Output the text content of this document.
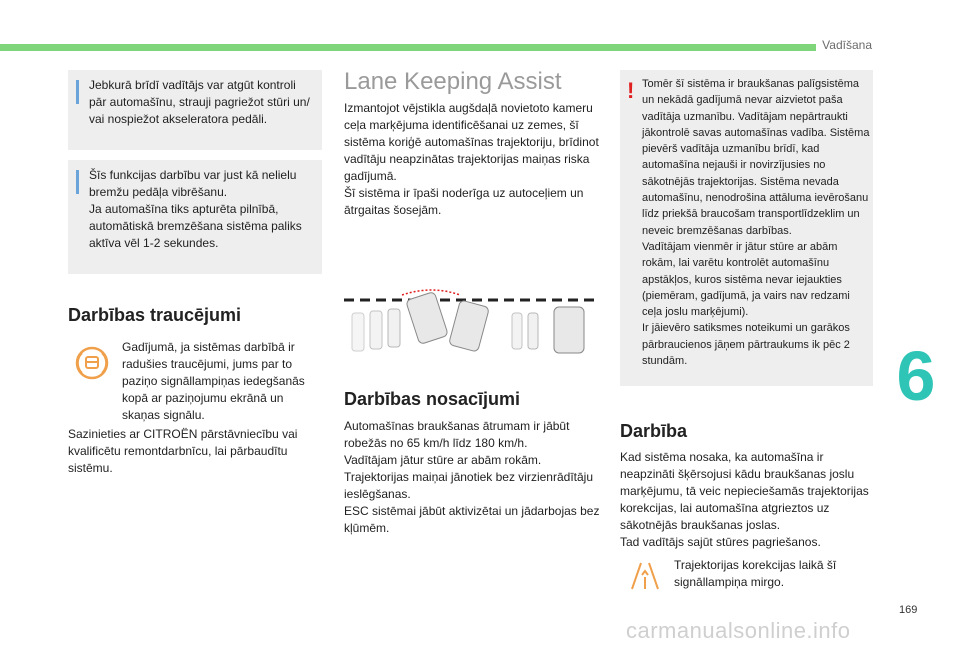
Vadīšana
6
Jebkurā brīdī vadītājs var atgūt kontroli pār automašīnu, strauji pagriežot stūri un/ vai nospiežot akseleratora pedāli.
Šīs funkcijas darbību var just kā nelielu bremžu pedāļa vibrēšanu.
Ja automašīna tiks apturēta pilnībā, automātiskā bremzēšana sistēma paliks aktīva vēl 1-2 sekundes.
Darbības traucējumi
Gadījumā, ja sistēmas darbībā ir radušies traucējumi, jums par to paziņo signāllampiņas iedegšanās kopā ar paziņojumu ekrānā un skaņas signālu.
Sazinieties ar CITROËN pārstāvniecību vai kvalificētu remontdarbnīcu, lai pārbaudītu sistēmu.
Lane Keeping Assist
Izmantojot vējstikla augšdaļā novietoto kameru ceļa marķējuma identificēšanai uz zemes, šī sistēma koriģē automašīnas trajektoriju, brīdinot vadītāju neapzinātas trajektorijas maiņas riska gadījumā.
Šī sistēma ir īpaši noderīga uz autoceļiem un ātrgaitas šosejām.
Darbības nosacījumi
Automašīnas braukšanas ātrumam ir jābūt robežās no 65 km/h līdz 180 km/h.
Vadītājam jātur stūre ar abām rokām.
Trajektorijas maiņai jānotiek bez virzienrādītāju ieslēgšanas.
ESC sistēmai jābūt aktivizētai un jādarbojas bez kļūmēm.
! Tomēr šī sistēma ir braukšanas palīgsistēma un nekādā gadījumā nevar aizvietot paša vadītāja uzmanību. Vadītājam nepārtraukti jākontrolē savas automašīnas vadība. Sistēma pievērš vadītāja uzmanību brīdī, kad automašīna nejauši ir novirzījusies no sākotnējās trajektorijas. Sistēma nevada automašīnu, nenodrošina attāluma ievērošanu līdz priekšā braucošam transportlīdzeklim un neveic bremzēšanas darbības.
Vadītājam vienmēr ir jātur stūre ar abām rokām, lai varētu kontrolēt automašīnu apstākļos, kuros sistēma nevar iejaukties (piemēram, gadījumā, ja vairs nav redzami ceļa joslu marķējumi).
Ir jāievēro satiksmes noteikumi un garākos pārbraucienos jāņem pārtraukums ik pēc 2 stundām.
Darbība
Kad sistēma nosaka, ka automašīna ir neapzināti šķērsojusi kādu braukšanas joslu marķējumu, tā veic nepieciešamās trajektorijas korekcijas, lai automašīna atgrieztos uz sākotnējās braukšanas joslas.
Tad vadītājs sajūt stūres pagriešanos.
Trajektorijas korekcijas laikā šī signāllampiņa mirgo.
169
carmanualsonline.info
